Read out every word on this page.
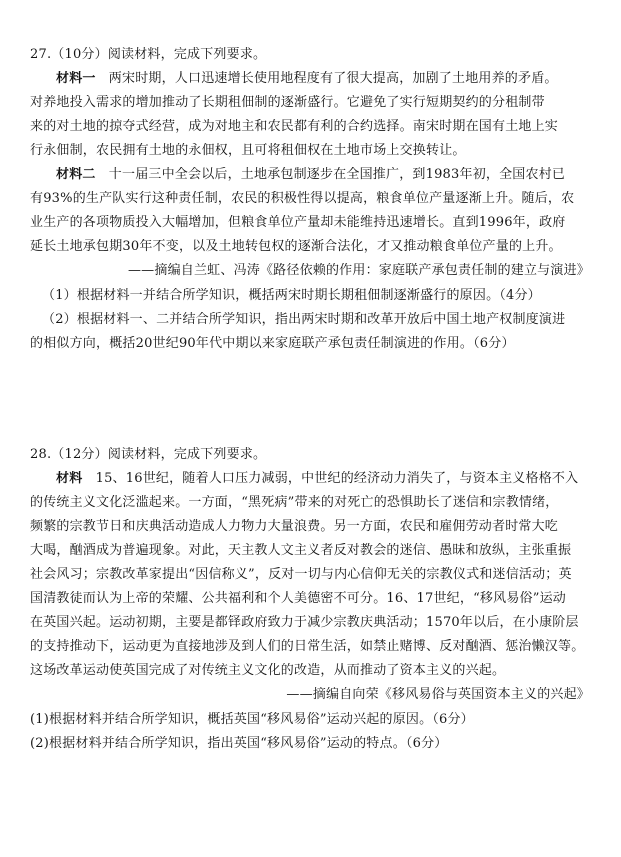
27.（10分）阅读材料，完成下列要求。
材料一　两宋时期，人口迅速增长使用地程度有了很大提高，加剧了土地用养的矛盾。
对养地投入需求的增加推动了长期租佃制的逐渐盛行。它避免了实行短期契约的分租制带
来的对土地的掠夺式经营，成为对地主和农民都有利的合约选择。南宋时期在国有土地上实
行永佃制，农民拥有土地的永佃权，且可将租佃权在土地市场上交换转让。
材料二　十一届三中全会以后，土地承包制逐步在全国推广，到1983年初，全国农村已
有93%的生产队实行这种责任制，农民的积极性得以提高，粮食单位产量逐渐上升。随后，农
业生产的各项物质投入大幅增加，但粮食单位产量却未能维持迅速增长。直到1996年，政府
延长土地承包期30年不变，以及土地转包权的逐渐合法化，才又推动粮食单位产量的上升。
——摘编自兰虹、冯涛《路径依赖的作用：家庭联产承包责任制的建立与演进》
（1）根据材料一并结合所学知识，概括两宋时期长期租佃制逐渐盛行的原因。（4分）
（2）根据材料一、二并结合所学知识，指出两宋时期和改革开放后中国土地产权制度演进
的相似方向，概括20世纪90年代中期以来家庭联产承包责任制演进的作用。（6分）
28.（12分）阅读材料，完成下列要求。
材料　15、16世纪，随着人口压力减弱，中世纪的经济动力消失了，与资本主义格格不入
的传统主义文化泛滥起来。一方面，“黑死病”带来的对死亡的恐惧助长了迷信和宗教情绪，
频繁的宗教节日和庆典活动造成人力物力大量浪费。另一方面，农民和雇佣劳动者时常大吃
大喝，酗酒成为普遍现象。对此，天主教人文主义者反对教会的迷信、愚昧和放纵，主张重振
社会风习；宗教改革家提出“因信称义”，反对一切与内心信仰无关的宗教仪式和迷信活动；英
国清教徒而认为上帝的荣耀、公共福利和个人美德密不可分。16、17世纪，“移风易俗”运动
在英国兴起。运动初期，主要是都铎政府致力于减少宗教庆典活动；1570年以后，在小康阶层
的支持推动下，运动更为直接地涉及到人们的日常生活，如禁止赌博、反对酗酒、惩治懒汉等。
这场改革运动使英国完成了对传统主义文化的改造，从而推动了资本主义的兴起。
——摘编自向荣《移风易俗与英国资本主义的兴起》
(1)根据材料并结合所学知识，概括英国“移风易俗”运动兴起的原因。（6分）
(2)根据材料并结合所学知识，指出英国“移风易俗”运动的特点。（6分）
